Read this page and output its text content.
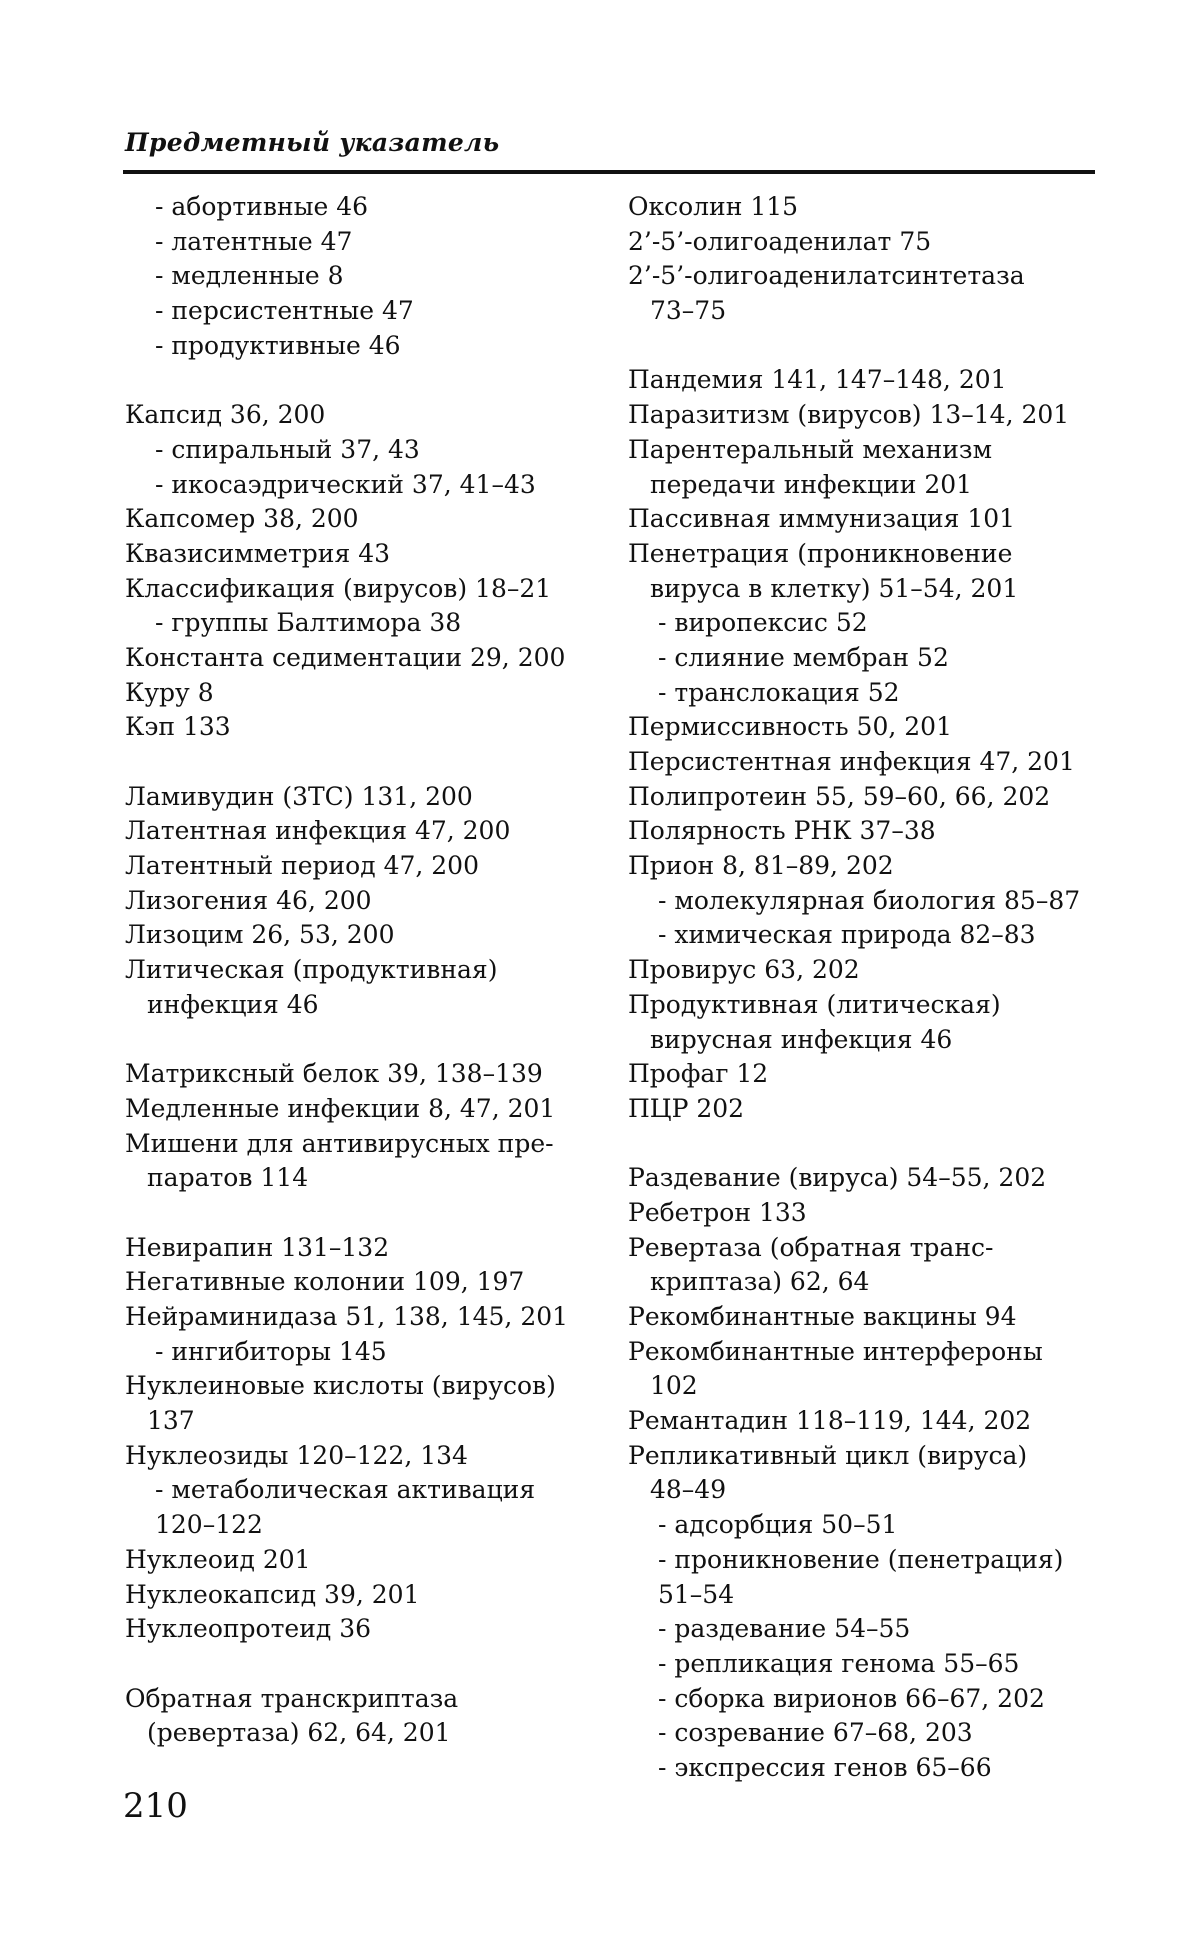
Предметный указатель
- абортивные 46
- латентные 47
- медленные 8
- персистентные 47
- продуктивные 46
Капсид 36, 200
- спиральный 37, 43
- икосаэдрический 37, 41–43
Капсомер 38, 200
Квазисимметрия 43
Классификация (вирусов) 18–21
- группы Балтимора 38
Константа седиментации 29, 200
Куру 8
Кэп 133
Ламивудин (3ТС) 131, 200
Латентная инфекция 47, 200
Латентный период 47, 200
Лизогения 46, 200
Лизоцим 26, 53, 200
Литическая (продуктивная)
инфекция 46
Матриксный белок 39, 138–139
Медленные инфекции 8, 47, 201
Мишени для антивирусных пре-
паратов 114
Невирапин 131–132
Негативные колонии 109, 197
Нейраминидаза 51, 138, 145, 201
- ингибиторы 145
Нуклеиновые кислоты (вирусов)
137
Нуклеозиды 120–122, 134
- метаболическая активация
120–122
Нуклеоид 201
Нуклеокапсид 39, 201
Нуклеопротеид 36
Обратная транскриптаза
(ревертаза) 62, 64, 201
Оксолин 115
2’-5’-олигоаденилат 75
2’-5’-олигоаденилатсинтетаза
73–75
Пандемия 141, 147–148, 201
Паразитизм (вирусов) 13–14, 201
Парентеральный механизм
передачи инфекции 201
Пассивная иммунизация 101
Пенетрация (проникновение
вируса в клетку) 51–54, 201
- виропексис 52
- слияние мембран 52
- транслокация 52
Пермиссивность 50, 201
Персистентная инфекция 47, 201
Полипротеин 55, 59–60, 66, 202
Полярность РНК 37–38
Прион 8, 81–89, 202
- молекулярная биология 85–87
- химическая природа 82–83
Провирус 63, 202
Продуктивная (литическая)
вирусная инфекция 46
Профаг 12
ПЦР 202
Раздевание (вируса) 54–55, 202
Ребетрон 133
Ревертаза (обратная транс-
криптаза) 62, 64
Рекомбинантные вакцины 94
Рекомбинантные интерфероны
102
Ремантадин 118–119, 144, 202
Репликативный цикл (вируса)
48–49
- адсорбция 50–51
- проникновение (пенетрация)
51–54
- раздевание 54–55
- репликация генома 55–65
- сборка вирионов 66–67, 202
- созревание 67–68, 203
- экспрессия генов 65–66
210
